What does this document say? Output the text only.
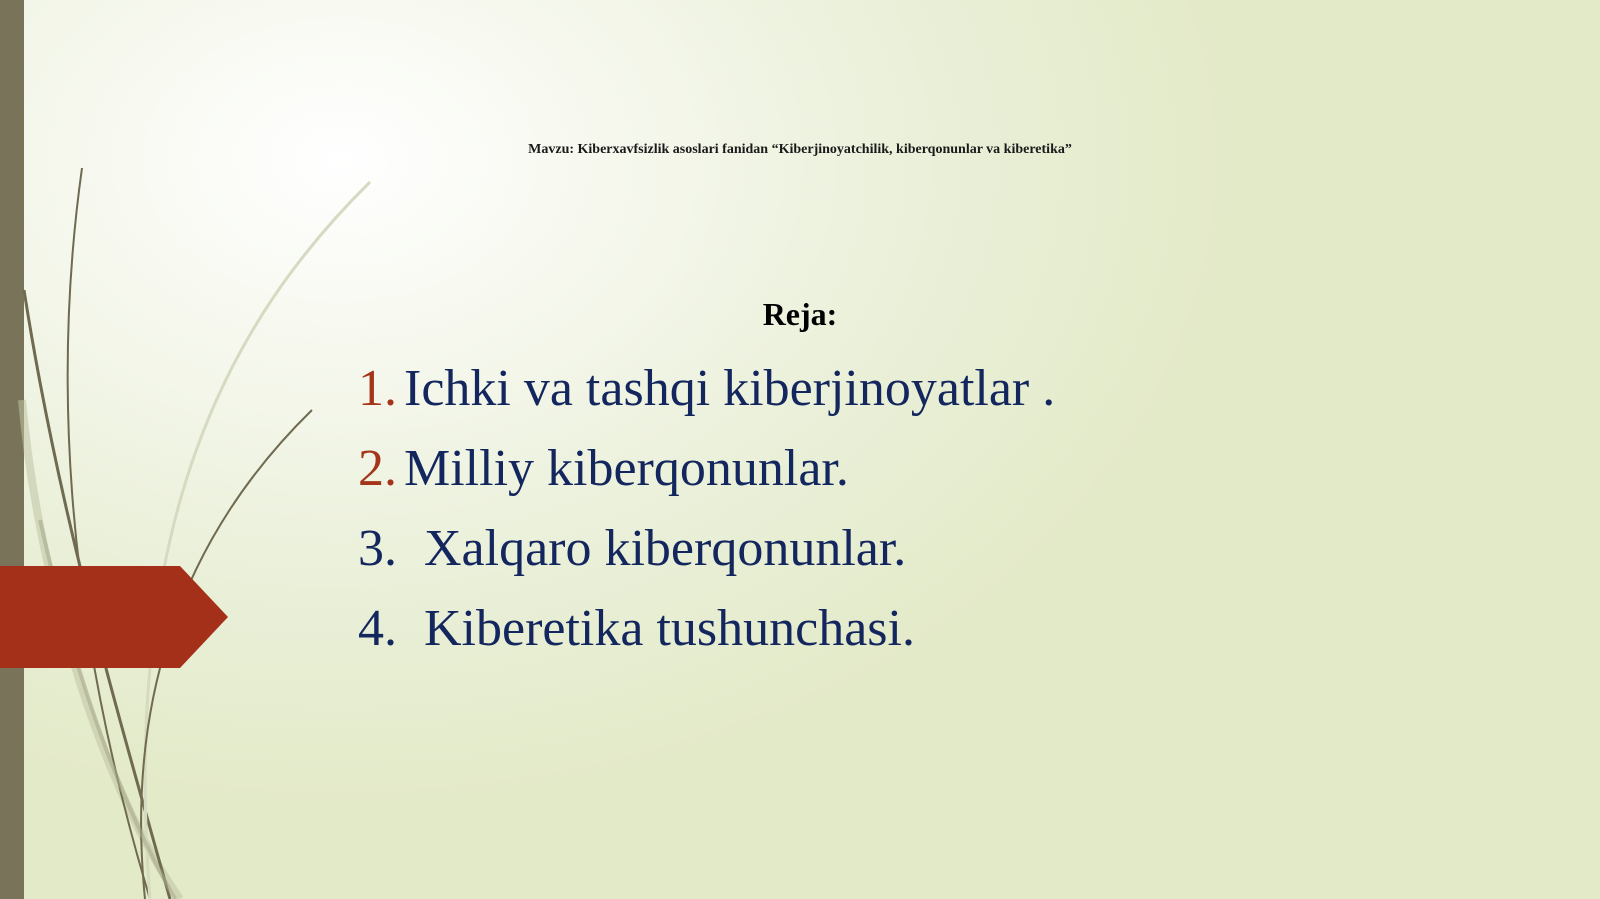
Mavzu: Kiberxavfsizlik asoslari fanidan “Kiberjinoyatchilik, kiberqonunlar va kiberetika”
Reja:
1. Ichki va tashqi kiberjinoyatlar .
2. Milliy kiberqonunlar.
3. Xalqaro kiberqonunlar.
4. Kiberetika tushunchasi.
